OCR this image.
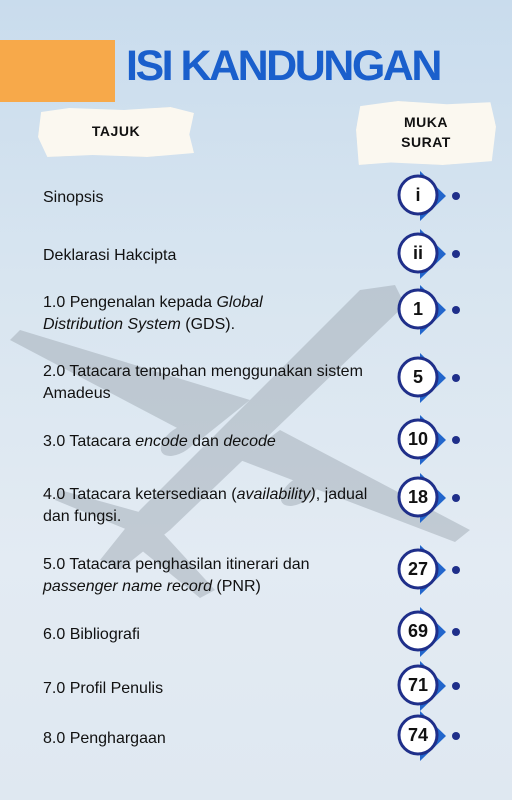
ISI KANDUNGAN
TAJUK
MUKA
SURAT
Sinopsis
Deklarasi Hakcipta
1.0 Pengenalan kepada Global Distribution System (GDS).
2.0 Tatacara tempahan menggunakan sistem Amadeus
3.0 Tatacara encode dan decode
4.0 Tatacara ketersediaan (availability), jadual dan fungsi.
5.0 Tatacara penghasilan itinerari dan passenger name record (PNR)
6.0 Bibliografi
7.0 Profil Penulis
8.0 Penghargaan
i
ii
1
5
10
18
27
69
71
74
